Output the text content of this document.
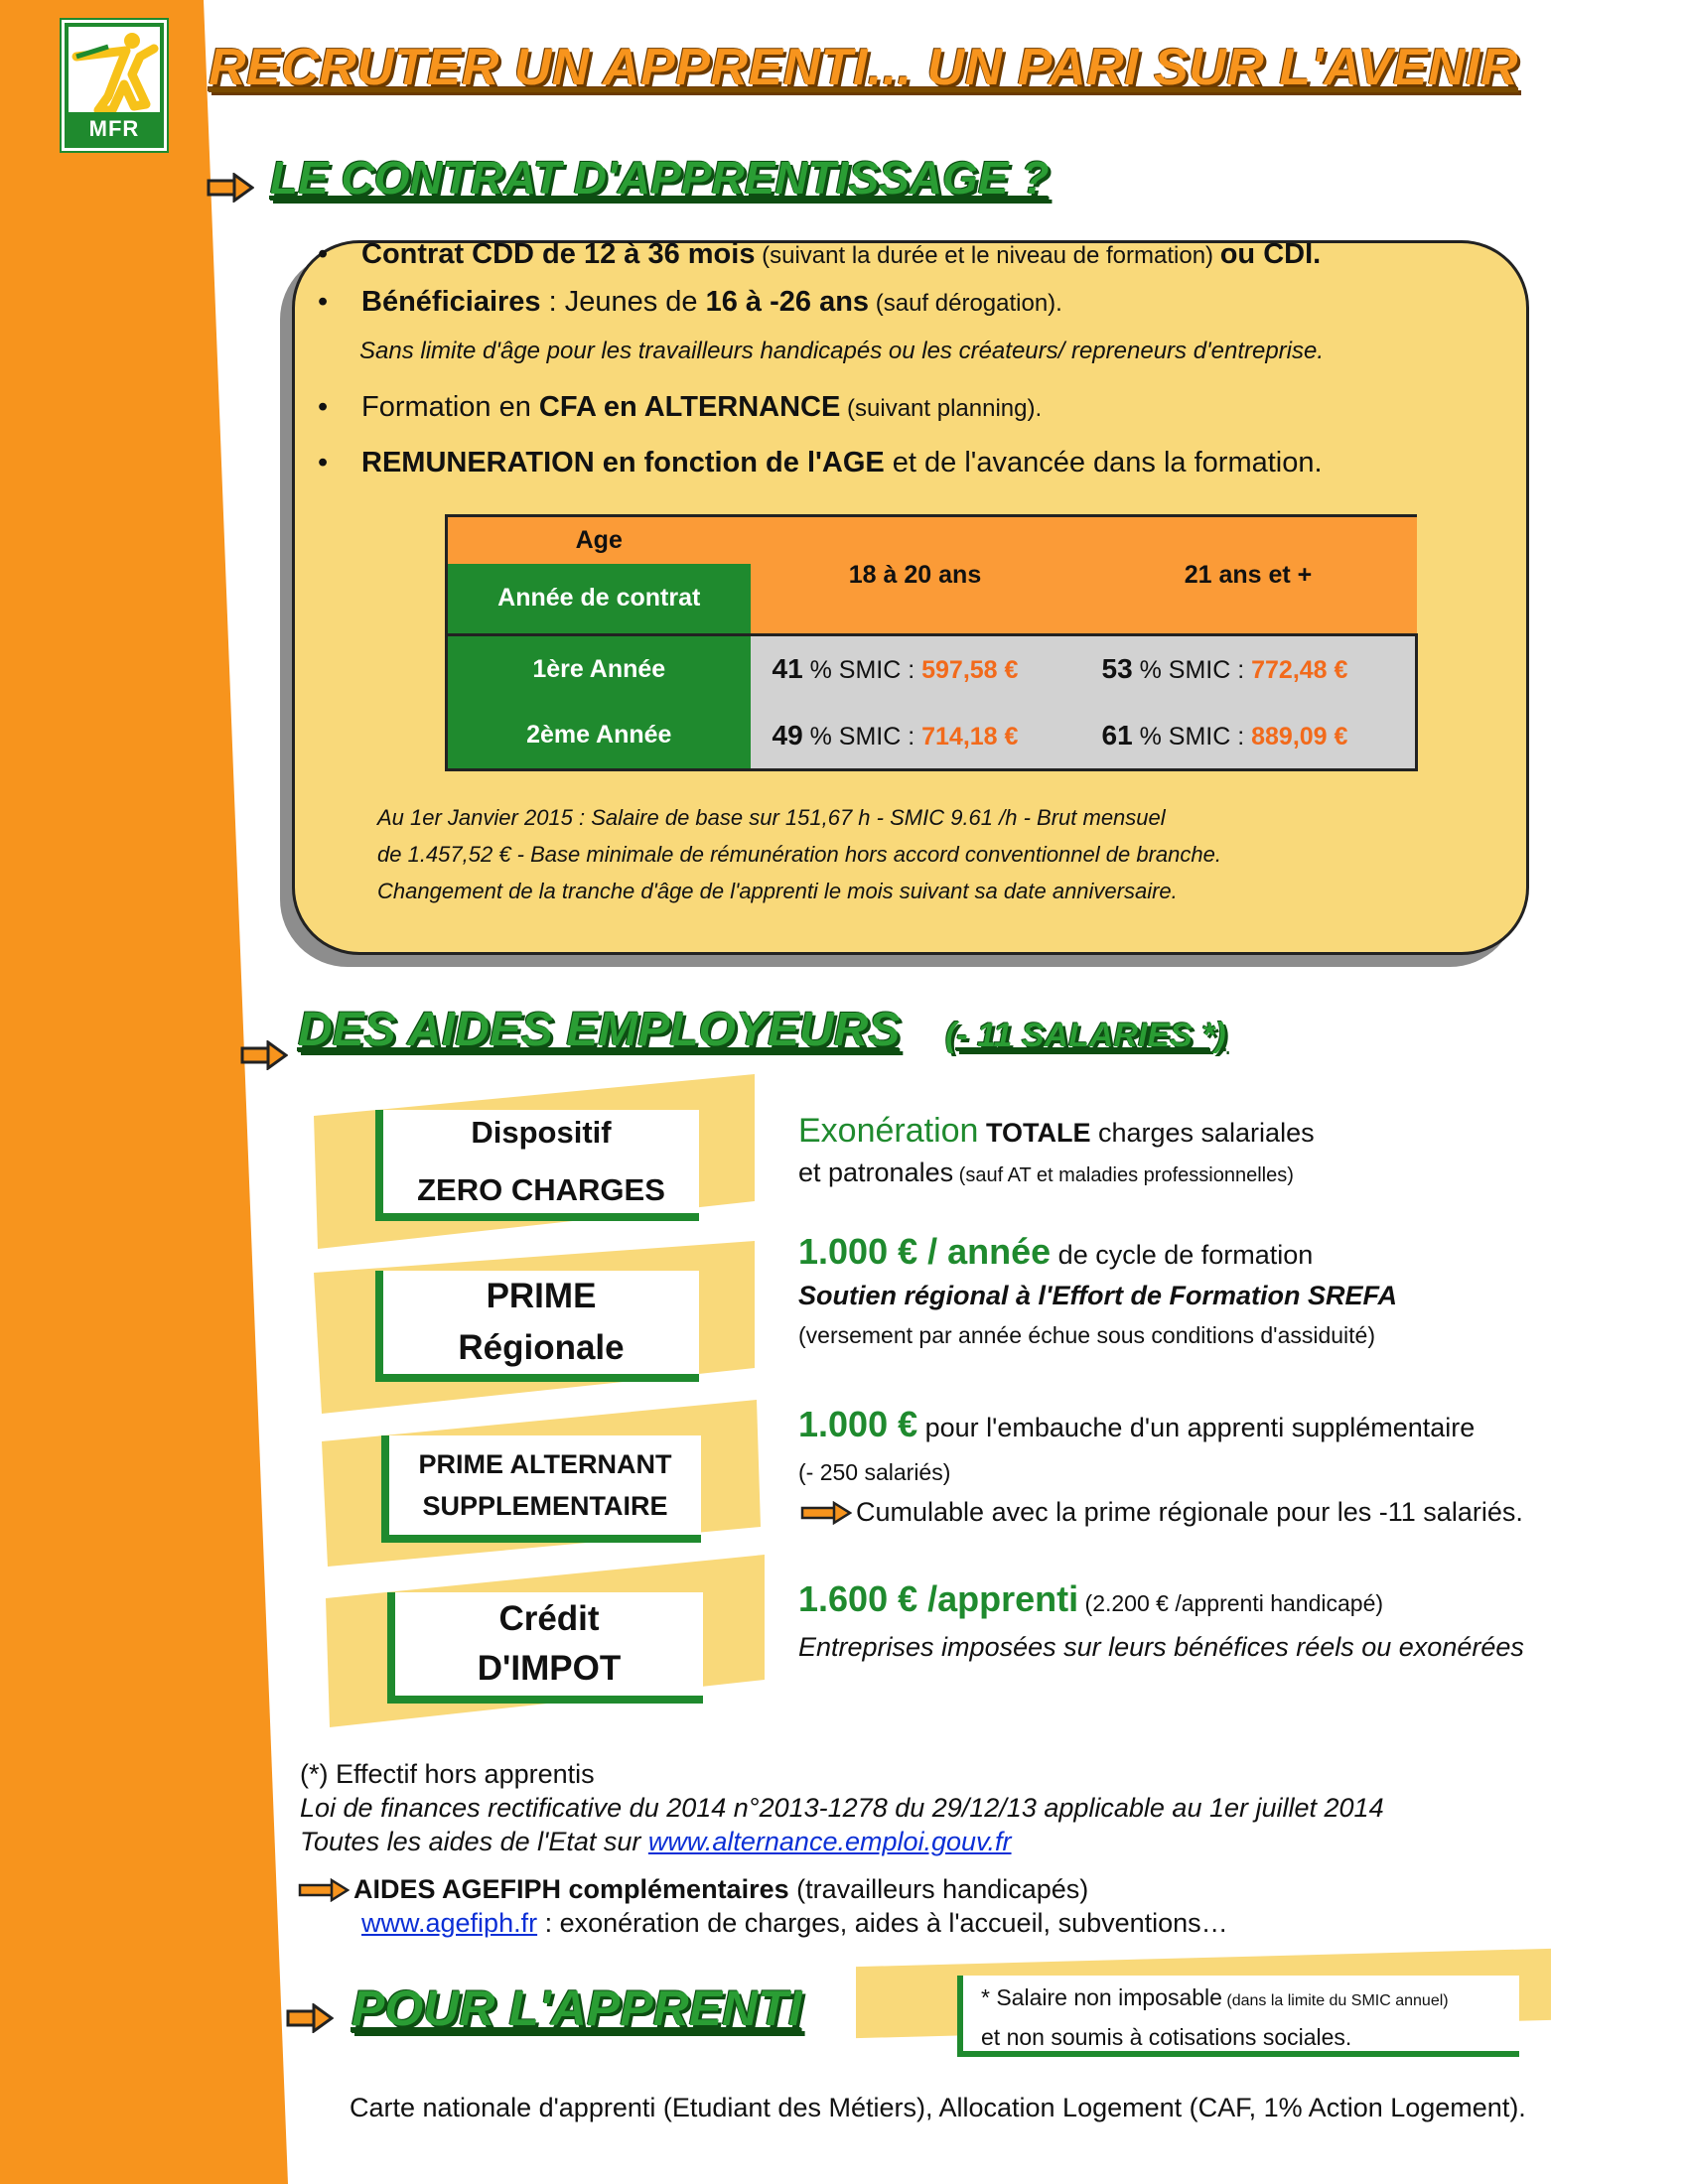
MFR
RECRUTER UN APPRENTI... UN PARI SUR L'AVENIR
LE CONTRAT D'APPRENTISSAGE ?
• Contrat CDD de 12 à 36 mois (suivant la durée et le niveau de formation) ou CDI.
• Bénéficiaires : Jeunes de 16 à -26 ans (sauf dérogation).
Sans limite d'âge pour les travailleurs handicapés ou les créateurs/ repreneurs d'entreprise.
• Formation en CFA en ALTERNANCE (suivant planning).
• REMUNERATION en fonction de l'AGE et de l'avancée dans la formation.
Age	18 à 20 ans	21 ans et +
Année de contrat		
1ère Année	41 % SMIC : 597,58 €	53 % SMIC : 772,48 €
2ème Année	49 % SMIC : 714,18 €	61 % SMIC : 889,09 €
Au 1er Janvier 2015 : Salaire de base sur 151,67 h - SMIC 9.61 /h - Brut mensuel
de 1.457,52 € - Base minimale de rémunération hors accord conventionnel de branche.
Changement de la tranche d'âge de l'apprenti le mois suivant sa date anniversaire.
DES AIDES EMPLOYEURS (- 11 SALARIES *)
Dispositif
ZERO CHARGES
PRIME
Régionale
PRIME ALTERNANT
SUPPLEMENTAIRE
Crédit
D'IMPOT
Exonération TOTALE charges salariales
et patronales (sauf AT et maladies professionnelles)
1.000 € / année de cycle de formation
Soutien régional à l'Effort de Formation SREFA
(versement par année échue sous conditions d'assiduité)
1.000 € pour l'embauche d'un apprenti supplémentaire
(- 250 salariés)
Cumulable avec la prime régionale pour les -11 salariés.
1.600 € /apprenti (2.200 € /apprenti handicapé)
Entreprises imposées sur leurs bénéfices réels ou exonérées
(*) Effectif hors apprentis
Loi de finances rectificative du 2014 n°2013-1278 du 29/12/13 applicable au 1er juillet 2014
Toutes les aides de l'Etat sur www.alternance.emploi.gouv.fr
AIDES AGEFIPH complémentaires (travailleurs handicapés)
www.agefiph.fr : exonération de charges, aides à l'accueil, subventions…
POUR L'APPRENTI	* Salaire non imposable (dans la limite du SMIC annuel)
et non soumis à cotisations sociales.
Carte nationale d'apprenti (Etudiant des Métiers), Allocation Logement (CAF, 1% Action Logement).
